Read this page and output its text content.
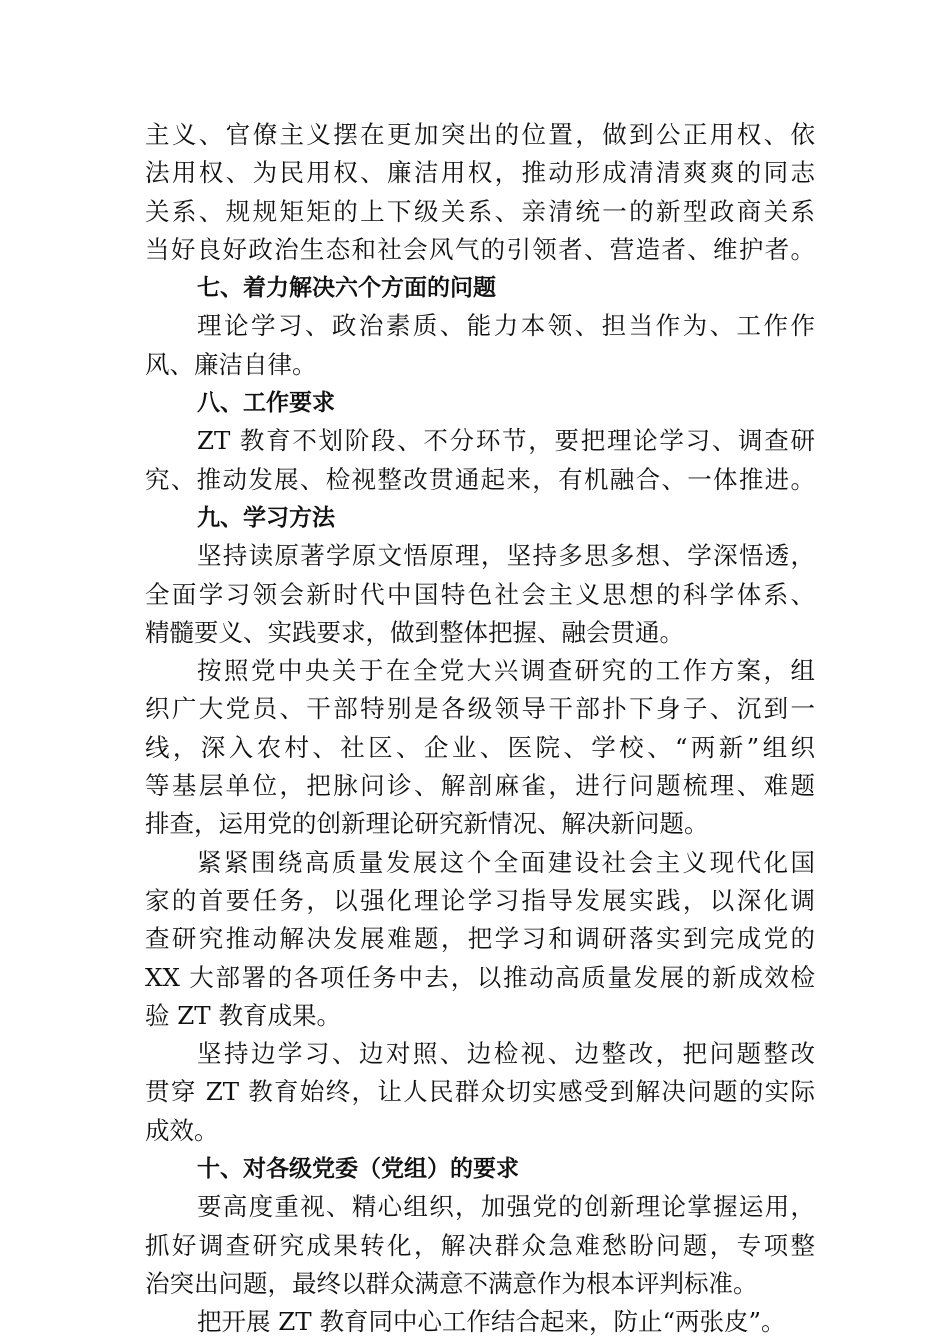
主义、官僚主义摆在更加突出的位置，做到公正用权、依
法用权、为民用权、廉洁用权，推动形成清清爽爽的同志
关系、规规矩矩的上下级关系、亲清统一的新型政商关系
当好良好政治生态和社会风气的引领者、营造者、维护者。
七、着力解决六个方面的问题
理论学习、政治素质、能力本领、担当作为、工作作
风、廉洁自律。
八、工作要求
ZT 教育不划阶段、不分环节，要把理论学习、调查研
究、推动发展、检视整改贯通起来，有机融合、一体推进。
九、学习方法
坚持读原著学原文悟原理，坚持多思多想、学深悟透，
全面学习领会新时代中国特色社会主义思想的科学体系、
精髓要义、实践要求，做到整体把握、融会贯通。
按照党中央关于在全党大兴调查研究的工作方案，组
织广大党员、干部特别是各级领导干部扑下身子、沉到一
线，深入农村、社区、企业、医院、学校、“两新”组织
等基层单位，把脉问诊、解剖麻雀，进行问题梳理、难题
排查，运用党的创新理论研究新情况、解决新问题。
紧紧围绕高质量发展这个全面建设社会主义现代化国
家的首要任务，以强化理论学习指导发展实践，以深化调
查研究推动解决发展难题，把学习和调研落实到完成党的
XX 大部署的各项任务中去，以推动高质量发展的新成效检
验 ZT 教育成果。
坚持边学习、边对照、边检视、边整改，把问题整改
贯穿 ZT 教育始终，让人民群众切实感受到解决问题的实际
成效。
十、对各级党委（党组）的要求
要高度重视、精心组织，加强党的创新理论掌握运用，
抓好调查研究成果转化，解决群众急难愁盼问题，专项整
治突出问题，最终以群众满意不满意作为根本评判标准。
把开展 ZT 教育同中心工作结合起来，防止“两张皮”。
